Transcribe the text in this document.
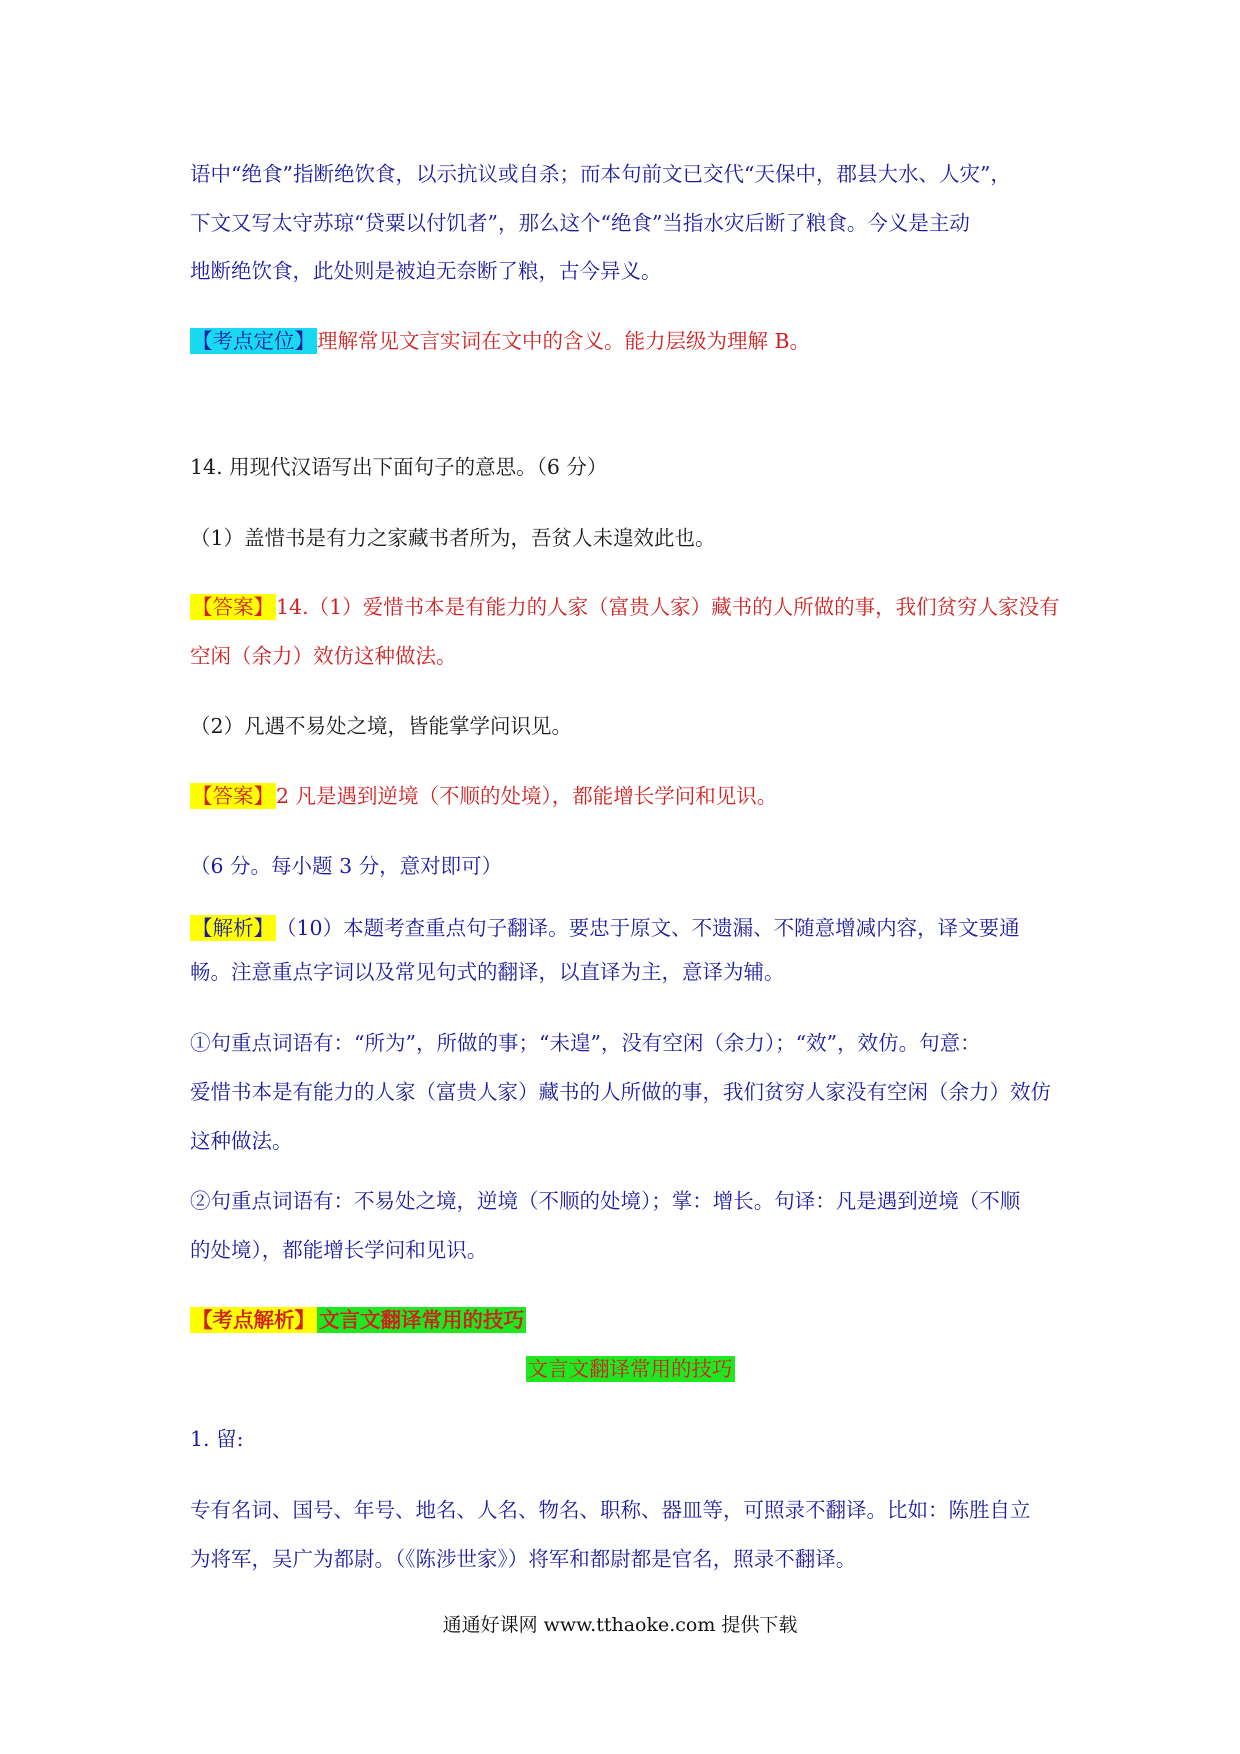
语中“绝食”指断绝饮食，以示抗议或自杀；而本句前文已交代“天保中，郡县大水、人灾”，
下文又写太守苏琼“贷粟以付饥者”，那么这个“绝食”当指水灾后断了粮食。今义是主动
地断绝饮食，此处则是被迫无奈断了粮，古今异义。
【考点定位】理解常见文言实词在文中的含义。能力层级为理解 B。
14. 用现代汉语写出下面句子的意思。（6 分）
（1）盖惜书是有力之家藏书者所为，吾贫人未遑效此也。
【答案】14.（1）爱惜书本是有能力的人家（富贵人家）藏书的人所做的事，我们贫穷人家没有
空闲（余力）效仿这种做法。
（2）凡遇不易处之境，皆能掌学问识见。
【答案】2 凡是遇到逆境（不顺的处境），都能增长学问和见识。
（6 分。每小题 3 分，意对即可）
【解析】（10）本题考查重点句子翻译。要忠于原文、不遗漏、不随意增减内容，译文要通
畅。注意重点字词以及常见句式的翻译，以直译为主，意译为辅。
①句重点词语有：“所为”，所做的事；“未遑”，没有空闲（余力）；“效”，效仿。句意：
爱惜书本是有能力的人家（富贵人家）藏书的人所做的事，我们贫穷人家没有空闲（余力）效仿
这种做法。
②句重点词语有：不易处之境，逆境（不顺的处境）；掌：增长。句译：凡是遇到逆境（不顺
的处境），都能增长学问和见识。
【考点解析】 文言文翻译常用的技巧
文言文翻译常用的技巧
1. 留:
专有名词、国号、年号、地名、人名、物名、职称、器皿等，可照录不翻译。比如：陈胜自立
为将军，吴广为都尉。（《陈涉世家》）将军和都尉都是官名，照录不翻译。
通通好课网 www.tthaoke.com 提供下载
